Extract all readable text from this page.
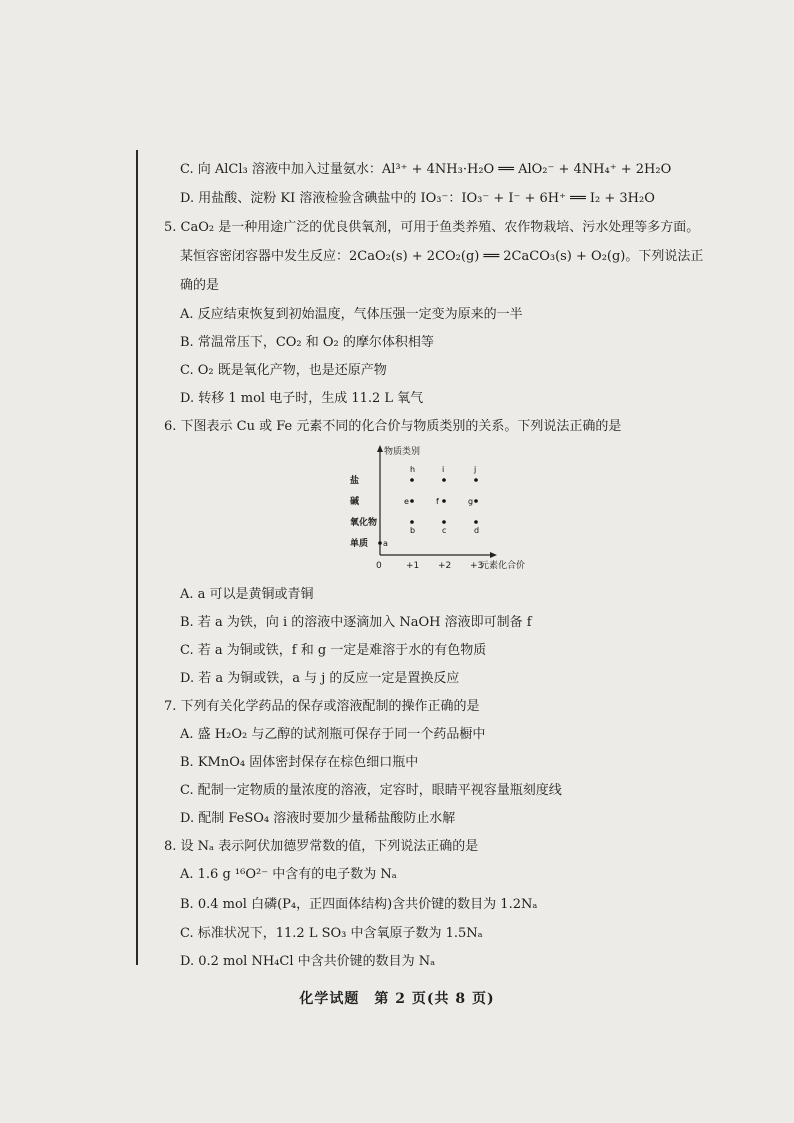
C. 向 AlCl₃ 溶液中加入过量氨水：Al³⁺ + 4NH₃·H₂O ══ AlO₂⁻ + 4NH₄⁺ + 2H₂O
D. 用盐酸、淀粉 KI 溶液检验含碘盐中的 IO₃⁻：IO₃⁻ + I⁻ + 6H⁺ ══ I₂ + 3H₂O
5. CaO₂ 是一种用途广泛的优良供氧剂，可用于鱼类养殖、农作物栽培、污水处理等多方面。
某恒容密闭容器中发生反应：2CaO₂(s) + 2CO₂(g) ══ 2CaCO₃(s) + O₂(g)。下列说法正
确的是
A. 反应结束恢复到初始温度，气体压强一定变为原来的一半
B. 常温常压下，CO₂ 和 O₂ 的摩尔体积相等
C. O₂ 既是氧化产物，也是还原产物
D. 转移 1 mol 电子时，生成 11.2 L 氧气
6. 下图表示 Cu 或 Fe 元素不同的化合价与物质类别的关系。下列说法正确的是
物质类别
元素化合价
0	+1 +2 +3
单质
氧化物
碱
盐
a
b	c	d
e	f	g
h	i	j
A. a 可以是黄铜或青铜
B. 若 a 为铁，向 i 的溶液中逐滴加入 NaOH 溶液即可制备 f
C. 若 a 为铜或铁，f 和 g 一定是难溶于水的有色物质
D. 若 a 为铜或铁，a 与 j 的反应一定是置换反应
7. 下列有关化学药品的保存或溶液配制的操作正确的是
A. 盛 H₂O₂ 与乙醇的试剂瓶可保存于同一个药品橱中
B. KMnO₄ 固体密封保存在棕色细口瓶中
C. 配制一定物质的量浓度的溶液，定容时，眼睛平视容量瓶刻度线
D. 配制 FeSO₄ 溶液时要加少量稀盐酸防止水解
8. 设 Nₐ 表示阿伏加德罗常数的值，下列说法正确的是
A. 1.6 g ¹⁶O²⁻ 中含有的电子数为 Nₐ
B. 0.4 mol 白磷(P₄，正四面体结构)含共价键的数目为 1.2Nₐ
C. 标准状况下，11.2 L SO₃ 中含氧原子数为 1.5Nₐ
D. 0.2 mol NH₄Cl 中含共价键的数目为 Nₐ
化学试题　第 2 页(共 8 页)
